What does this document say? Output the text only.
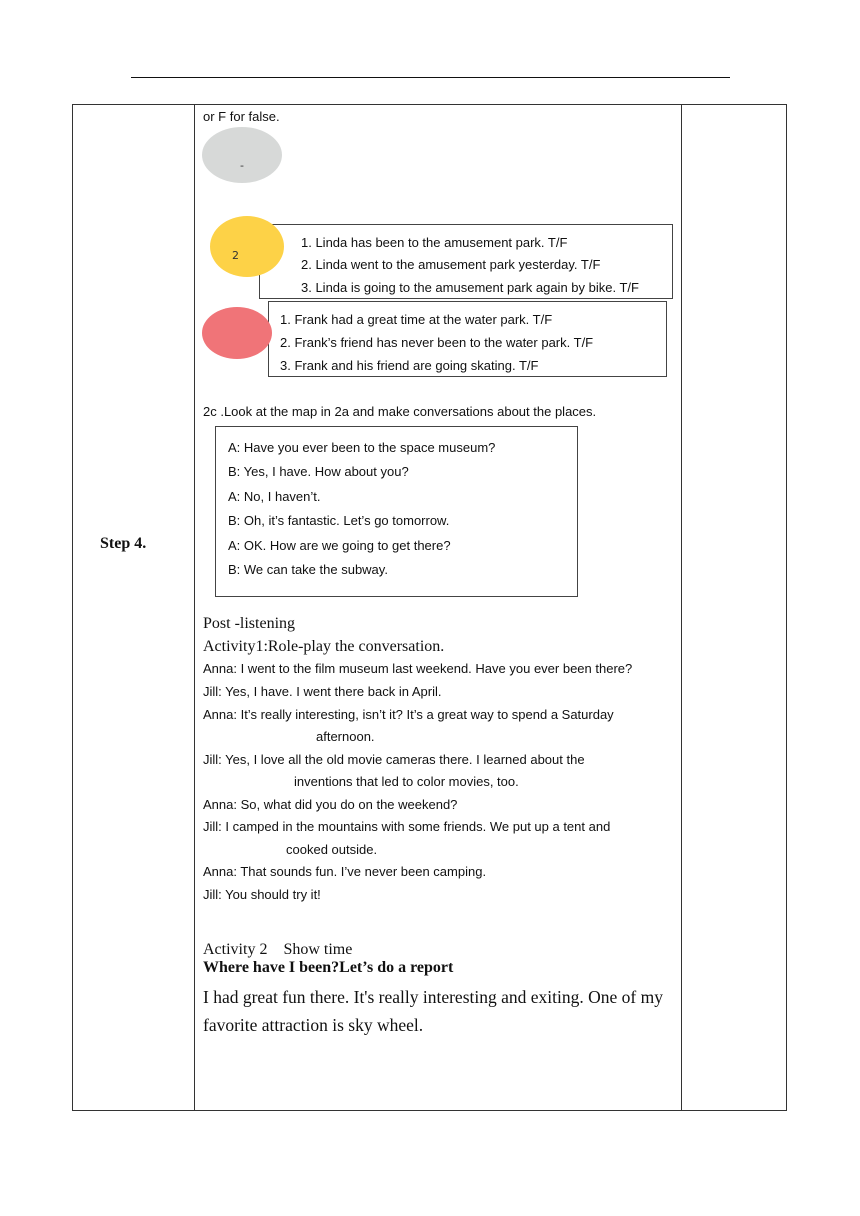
Step 4.
or F for false.
-
1. Linda has been to the amusement park. T/F
2. Linda went to the amusement park yesterday. T/F
3. Linda is going to the amusement park again by bike. T/F
2
1. Frank had a great time at the water park. T/F
2. Frank’s friend has never been to the water park. T/F
3. Frank and his friend are going skating. T/F
2c .Look at the map in 2a and make conversations about the places.
A: Have you ever been to the space museum?
B: Yes, I have. How about you?
A: No, I haven’t.
B: Oh, it’s fantastic. Let’s go tomorrow.
A: OK. How are we going to get there?
B: We can take the subway.
Post -listening
Activity1:Role-play the conversation.
Anna: I went to the film museum last weekend. Have you ever been there?
Jill: Yes, I have. I went there back in April.
Anna: It’s really interesting, isn’t it? It’s a great way to spend a Saturday
afternoon.
Jill: Yes, I love all the old movie cameras there. I learned about the
inventions that led to color movies, too.
Anna: So, what did you do on the weekend?
Jill: I camped in the mountains with some friends. We put up a tent and
cooked outside.
Anna: That sounds fun. I’ve never been camping.
Jill: You should try it!
Activity 2　Show time
Where have I been?Let’s do a report
I had great fun there. It's really interesting and exiting. One of my
favorite attraction is sky wheel.
